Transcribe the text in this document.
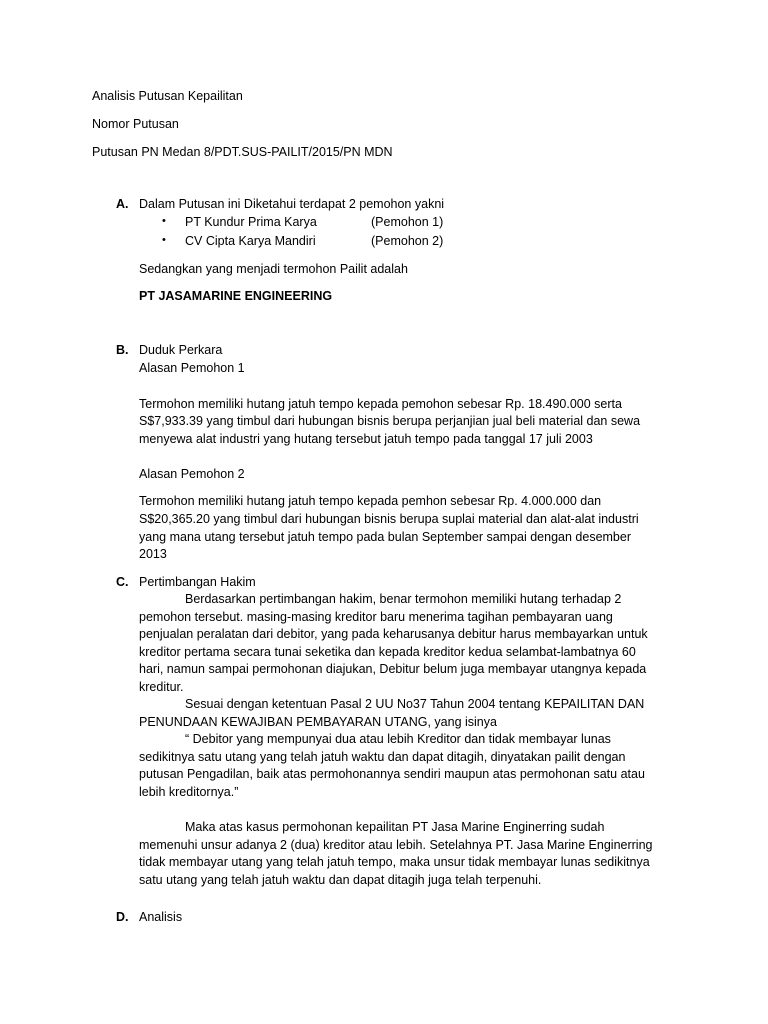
Analisis Putusan Kepailitan
Nomor Putusan
Putusan PN Medan 8/PDT.SUS-PAILIT/2015/PN MDN
A. Dalam Putusan ini Diketahui terdapat 2 pemohon yakni
• PT Kundur Prima Karya	(Pemohon 1)
• CV Cipta Karya Mandiri	(Pemohon 2)
Sedangkan yang menjadi termohon Pailit adalah
PT JASAMARINE ENGINEERING
B. Duduk Perkara
Alasan Pemohon 1
Termohon memiliki hutang jatuh tempo kepada pemohon sebesar Rp. 18.490.000 serta
S$7,933.39 yang timbul dari hubungan bisnis berupa perjanjian jual beli material dan sewa
menyewa alat industri yang hutang tersebut jatuh tempo pada tanggal 17 juli 2003
Alasan Pemohon 2
Termohon memiliki hutang jatuh tempo kepada pemhon sebesar Rp. 4.000.000 dan
S$20,365.20 yang timbul dari hubungan bisnis berupa suplai material dan alat-alat industri
yang mana utang tersebut jatuh tempo pada bulan September sampai dengan desember
2013
C. Pertimbangan Hakim
Berdasarkan pertimbangan hakim, benar termohon memiliki hutang terhadap 2
pemohon tersebut. masing-masing kreditor baru menerima tagihan pembayaran uang
penjualan peralatan dari debitor, yang pada keharusanya debitur harus membayarkan untuk
kreditor pertama secara tunai seketika dan kepada kreditor kedua selambat-lambatnya 60
hari, namun sampai permohonan diajukan, Debitur belum juga membayar utangnya kepada
kreditur.
Sesuai dengan ketentuan Pasal 2 UU No37 Tahun 2004 tentang KEPAILITAN DAN
PENUNDAAN KEWAJIBAN PEMBAYARAN UTANG, yang isinya
“ Debitor yang mempunyai dua atau lebih Kreditor dan tidak membayar lunas
sedikitnya satu utang yang telah jatuh waktu dan dapat ditagih, dinyatakan pailit dengan
putusan Pengadilan, baik atas permohonannya sendiri maupun atas permohonan satu atau
lebih kreditornya.”
Maka atas kasus permohonan kepailitan PT Jasa Marine Enginerring sudah
memenuhi unsur adanya 2 (dua) kreditor atau lebih. Setelahnya PT. Jasa Marine Enginerring
tidak membayar utang yang telah jatuh tempo, maka unsur tidak membayar lunas sedikitnya
satu utang yang telah jatuh waktu dan dapat ditagih juga telah terpenuhi.
D. Analisis
